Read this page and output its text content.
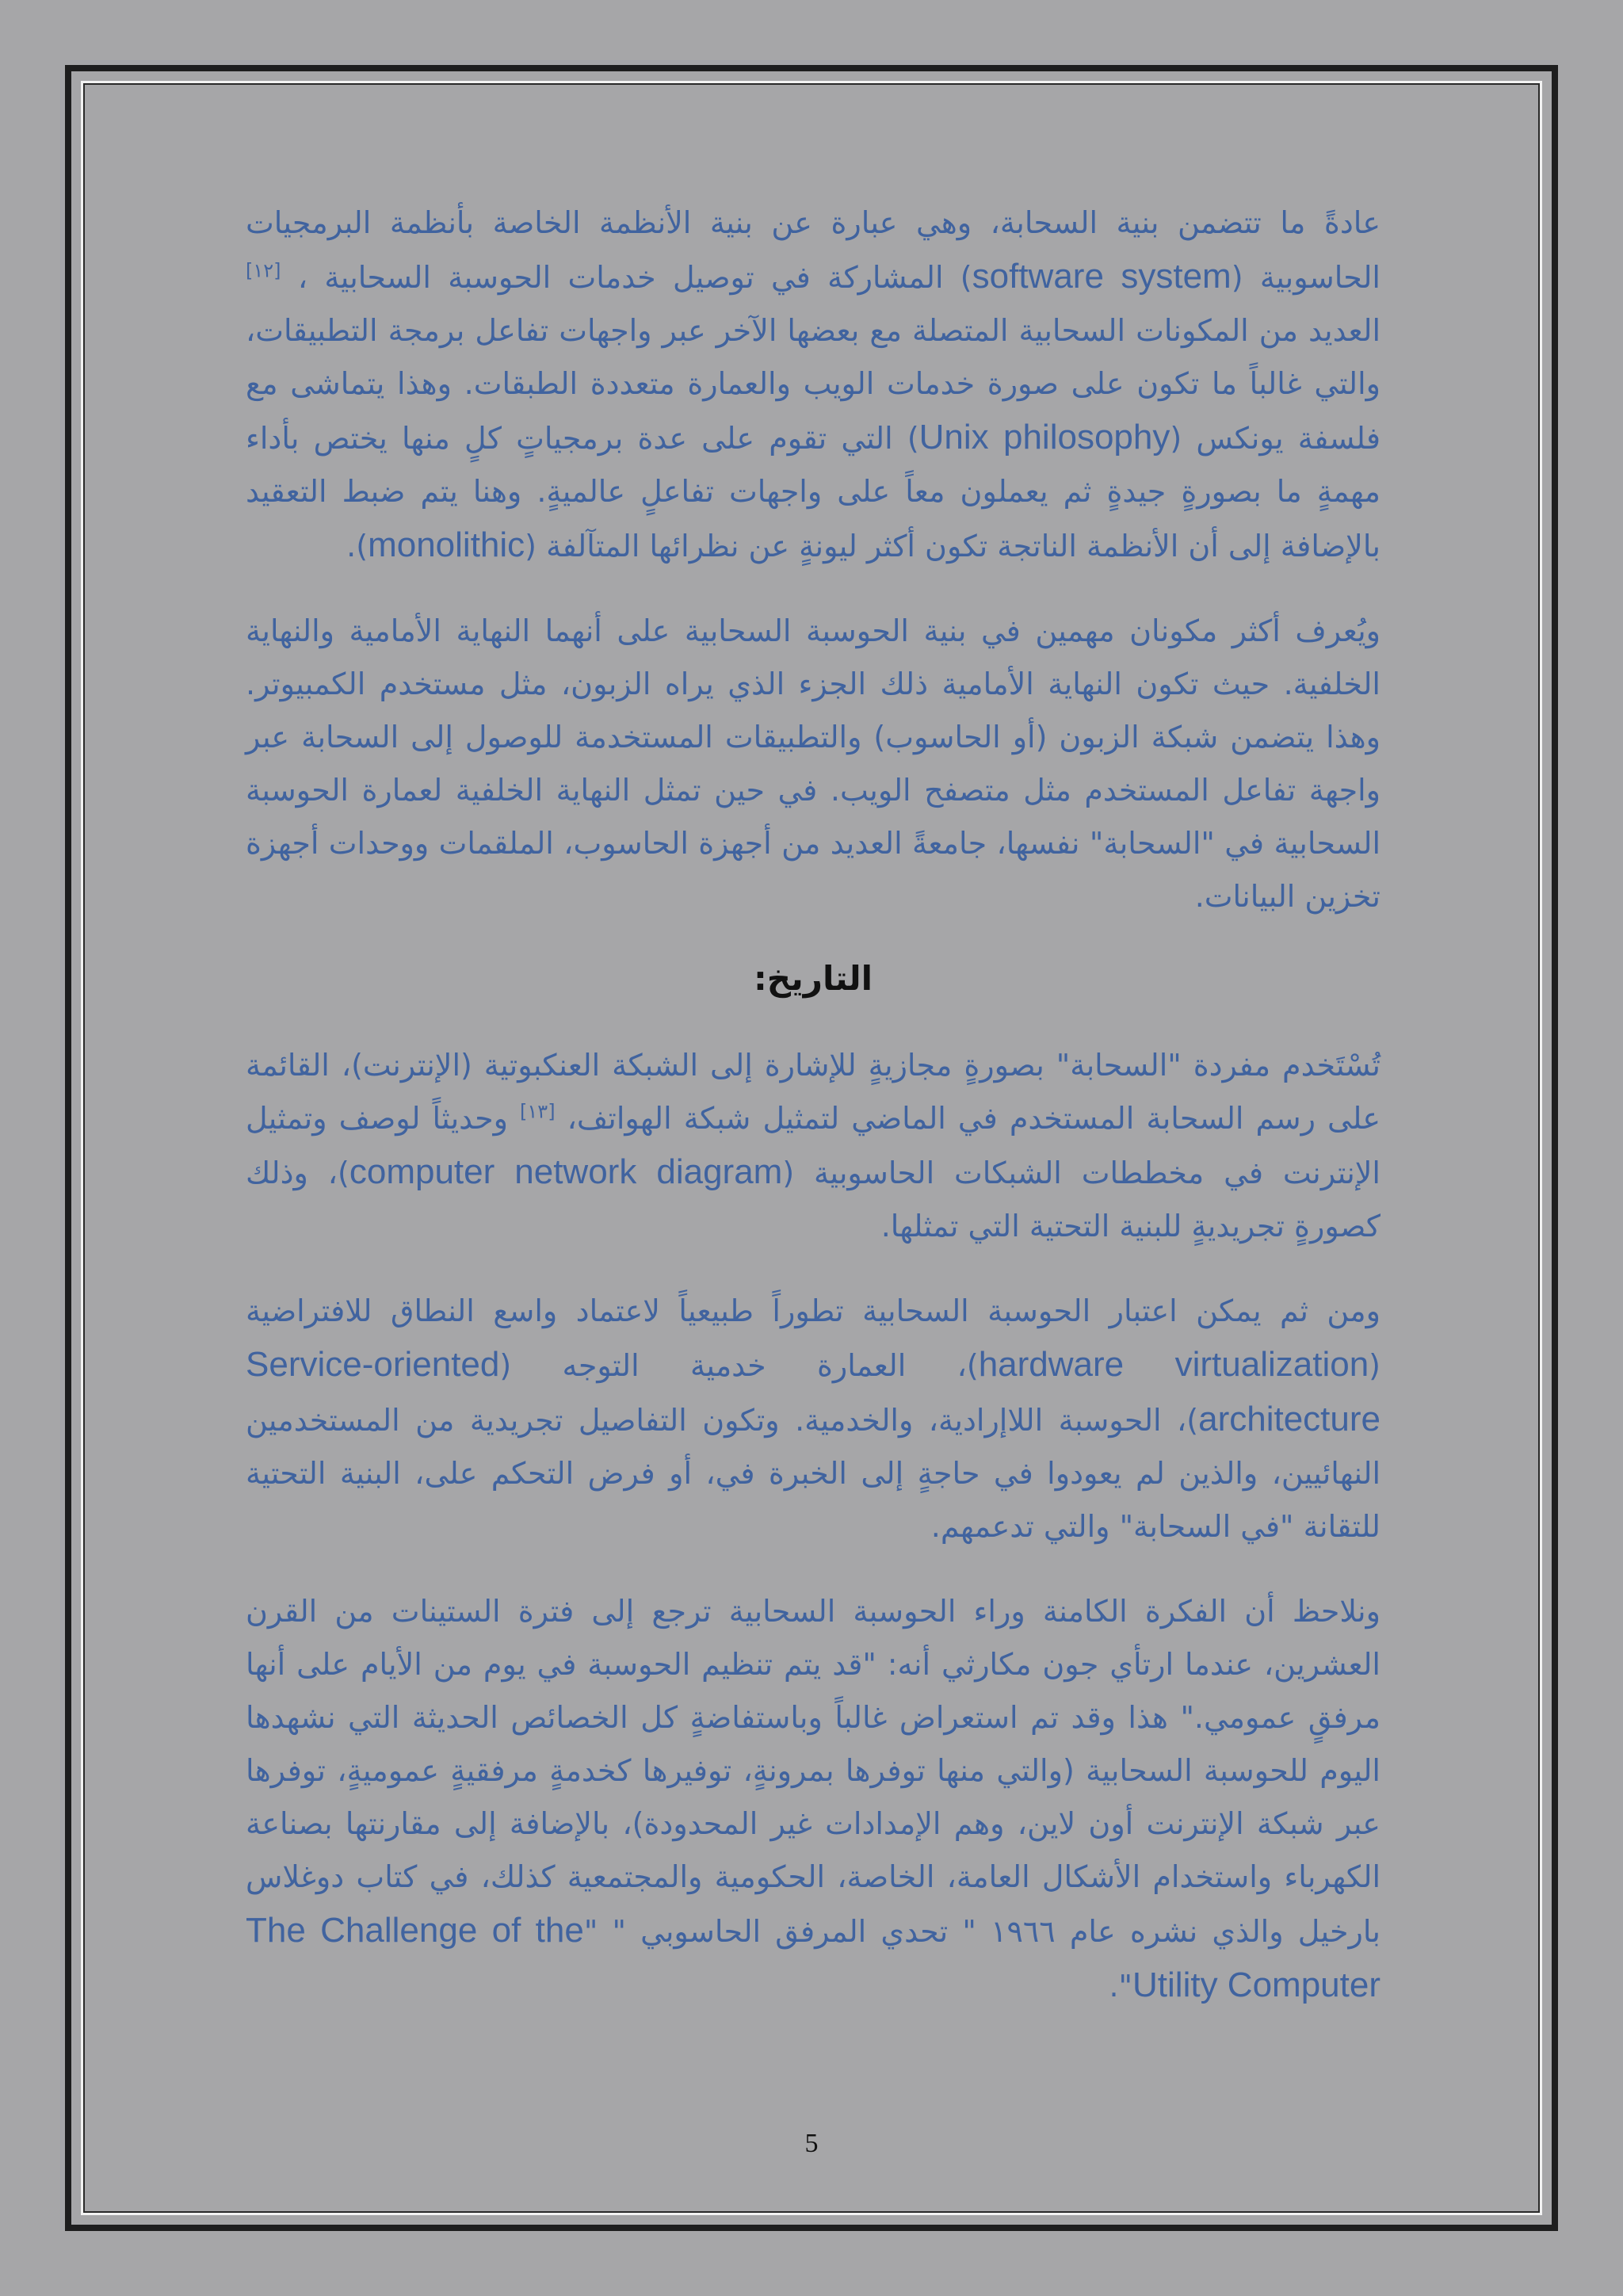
عادةً ما تتضمن بنية السحابة، وهي عبارة عن بنية الأنظمة الخاصة بأنظمة البرمجيات الحاسوبية (software system) المشاركة في توصيل خدمات الحوسبة السحابية ، [١٢] العديد من المكونات السحابية المتصلة مع بعضها الآخر عبر واجهات تفاعل برمجة التطبيقات، والتي غالباً ما تكون على صورة خدمات الويب والعمارة متعددة الطبقات. وهذا يتماشى مع فلسفة يونكس (Unix philosophy) التي تقوم على عدة برمجياتٍ كلٍ منها يختص بأداء مهمةٍ ما بصورةٍ جيدةٍ ثم يعملون معاً على واجهات تفاعلٍ عالميةٍ. وهنا يتم ضبط التعقيد بالإضافة إلى أن الأنظمة الناتجة تكون أكثر ليونةٍ عن نظرائها المتآلفة (monolithic).

ويُعرف أكثر مكونان مهمين في بنية الحوسبة السحابية على أنهما النهاية الأمامية والنهاية الخلفية. حيث تكون النهاية الأمامية ذلك الجزء الذي يراه الزبون، مثل مستخدم الكمبيوتر. وهذا يتضمن شبكة الزبون (أو الحاسوب) والتطبيقات المستخدمة للوصول إلى السحابة عبر واجهة تفاعل المستخدم مثل متصفح الويب. في حين تمثل النهاية الخلفية لعمارة الحوسبة السحابية في "السحابة" نفسها، جامعةً العديد من أجهزة الحاسوب، الملقمات ووحدات أجهزة تخزين البيانات.

التاريخ:

تُسْتَخدم مفردة "السحابة" بصورةٍ مجازيةٍ للإشارة إلى الشبكة العنكبوتية (الإنترنت)، القائمة على رسم السحابة المستخدم في الماضي لتمثيل شبكة الهواتف، [١٣] وحديثاً لوصف وتمثيل الإنترنت في مخططات الشبكات الحاسوبية (computer network diagram)، وذلك كصورةٍ تجريديةٍ للبنية التحتية التي تمثلها.

ومن ثم يمكن اعتبار الحوسبة السحابية تطوراً طبيعياً لاعتماد واسع النطاق للافتراضية (hardware virtualization)، العمارة خدمية التوجه (Service-oriented architecture)، الحوسبة اللاإرادية، والخدمية. وتكون التفاصيل تجريدية من المستخدمين النهائيين، والذين لم يعودوا في حاجةٍ إلى الخبرة في، أو فرض التحكم على، البنية التحتية للتقانة "في السحابة" والتي تدعمهم.

ونلاحظ أن الفكرة الكامنة وراء الحوسبة السحابية ترجع إلى فترة الستينات من القرن العشرين، عندما ارتأي جون مكارثي أنه: "قد يتم تنظيم الحوسبة في يوم من الأيام على أنها مرفقٍ عمومي." هذا وقد تم استعراض غالباً وباستفاضةٍ كل الخصائص الحديثة التي نشهدها اليوم للحوسبة السحابية (والتي منها توفرها بمرونةٍ، توفيرها كخدمةٍ مرفقيةٍ عموميةٍ، توفرها عبر شبكة الإنترنت أون لاين، وهم الإمدادات غير المحدودة)، بالإضافة إلى مقارنتها بصناعة الكهرباء واستخدام الأشكال العامة، الخاصة، الحكومية والمجتمعية كذلك، في كتاب دوغلاس بارخيل والذي نشره عام ١٩٦٦ " تحدي المرفق الحاسوبي " "The Challenge of the Utility Computer".

5
